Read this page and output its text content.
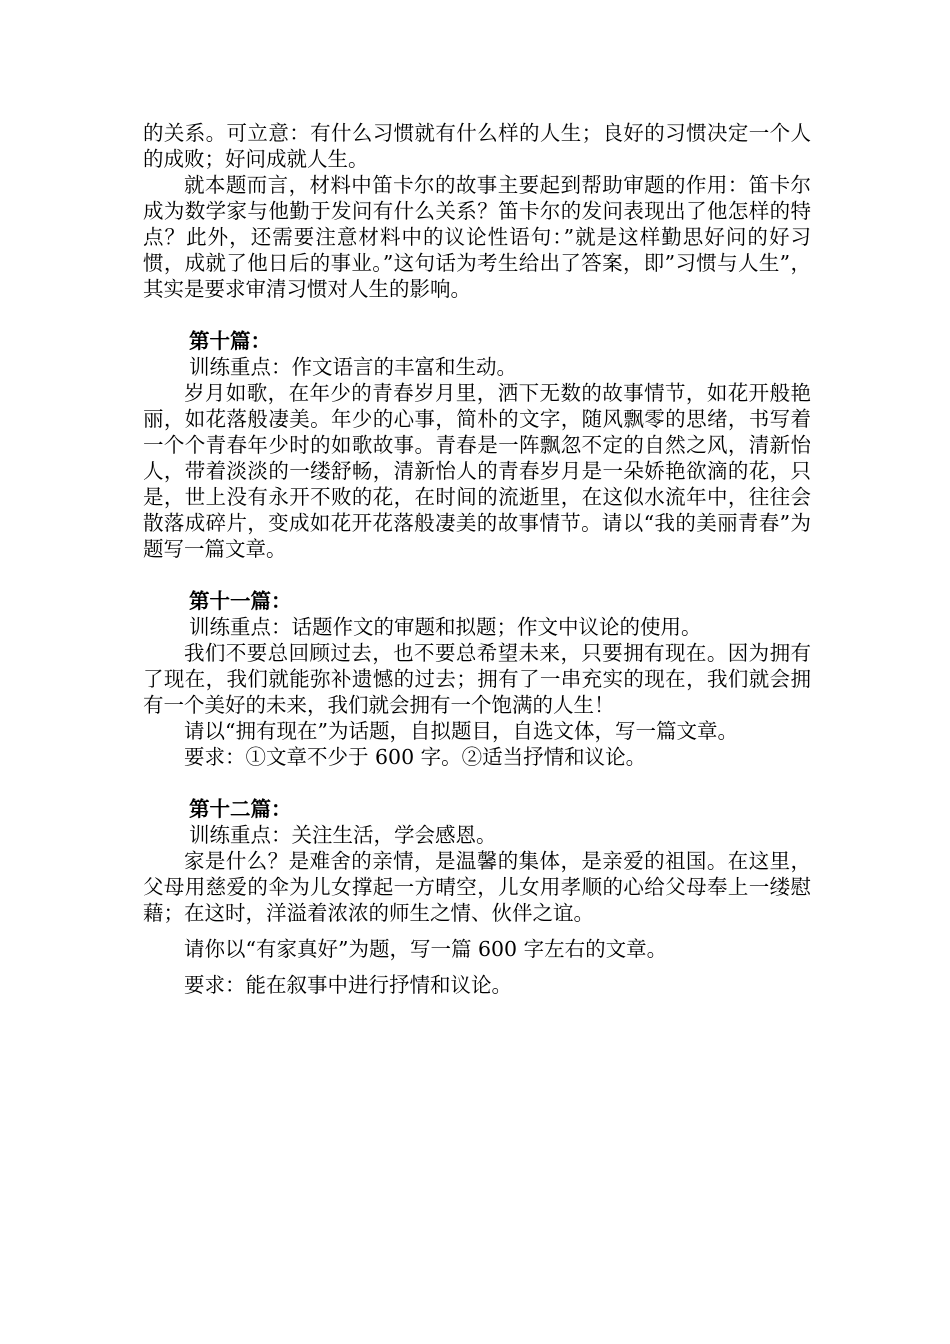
的关系。可立意：有什么习惯就有什么样的人生；良好的习惯决定一个人的成败；好问成就人生。

就本题而言，材料中笛卡尔的故事主要起到帮助审题的作用：笛卡尔成为数学家与他勤于发问有什么关系？笛卡尔的发问表现出了他怎样的特点？此外，还需要注意材料中的议论性语句：”就是这样勤思好问的好习惯，成就了他日后的事业。”这句话为考生给出了答案，即”习惯与人生”，其实是要求审清习惯对人生的影响。

第十篇：

训练重点：作文语言的丰富和生动。

岁月如歌，在年少的青春岁月里，洒下无数的故事情节，如花开般艳丽，如花落般凄美。年少的心事，简朴的文字，随风飘零的思绪，书写着一个个青春年少时的如歌故事。青春是一阵飘忽不定的自然之风，清新怡人，带着淡淡的一缕舒畅，清新怡人的青春岁月是一朵娇艳欲滴的花，只是，世上没有永开不败的花，在时间的流逝里，在这似水流年中，往往会散落成碎片，变成如花开花落般凄美的故事情节。请以“我的美丽青春”为题写一篇文章。

第十一篇：

训练重点：话题作文的审题和拟题；作文中议论的使用。

我们不要总回顾过去，也不要总希望未来，只要拥有现在。因为拥有了现在，我们就能弥补遗憾的过去；拥有了一串充实的现在，我们就会拥有一个美好的未来，我们就会拥有一个饱满的人生！

请以“拥有现在”为话题，自拟题目，自选文体，写一篇文章。

要求：①文章不少于 600 字。②适当抒情和议论。

第十二篇：

训练重点：关注生活，学会感恩。

家是什么？是难舍的亲情，是温馨的集体，是亲爱的祖国。在这里，父母用慈爱的伞为儿女撑起一方晴空，儿女用孝顺的心给父母奉上一缕慰藉；在这时，洋溢着浓浓的师生之情、伙伴之谊。

请你以“有家真好”为题，写一篇 600 字左右的文章。

要求：能在叙事中进行抒情和议论。
